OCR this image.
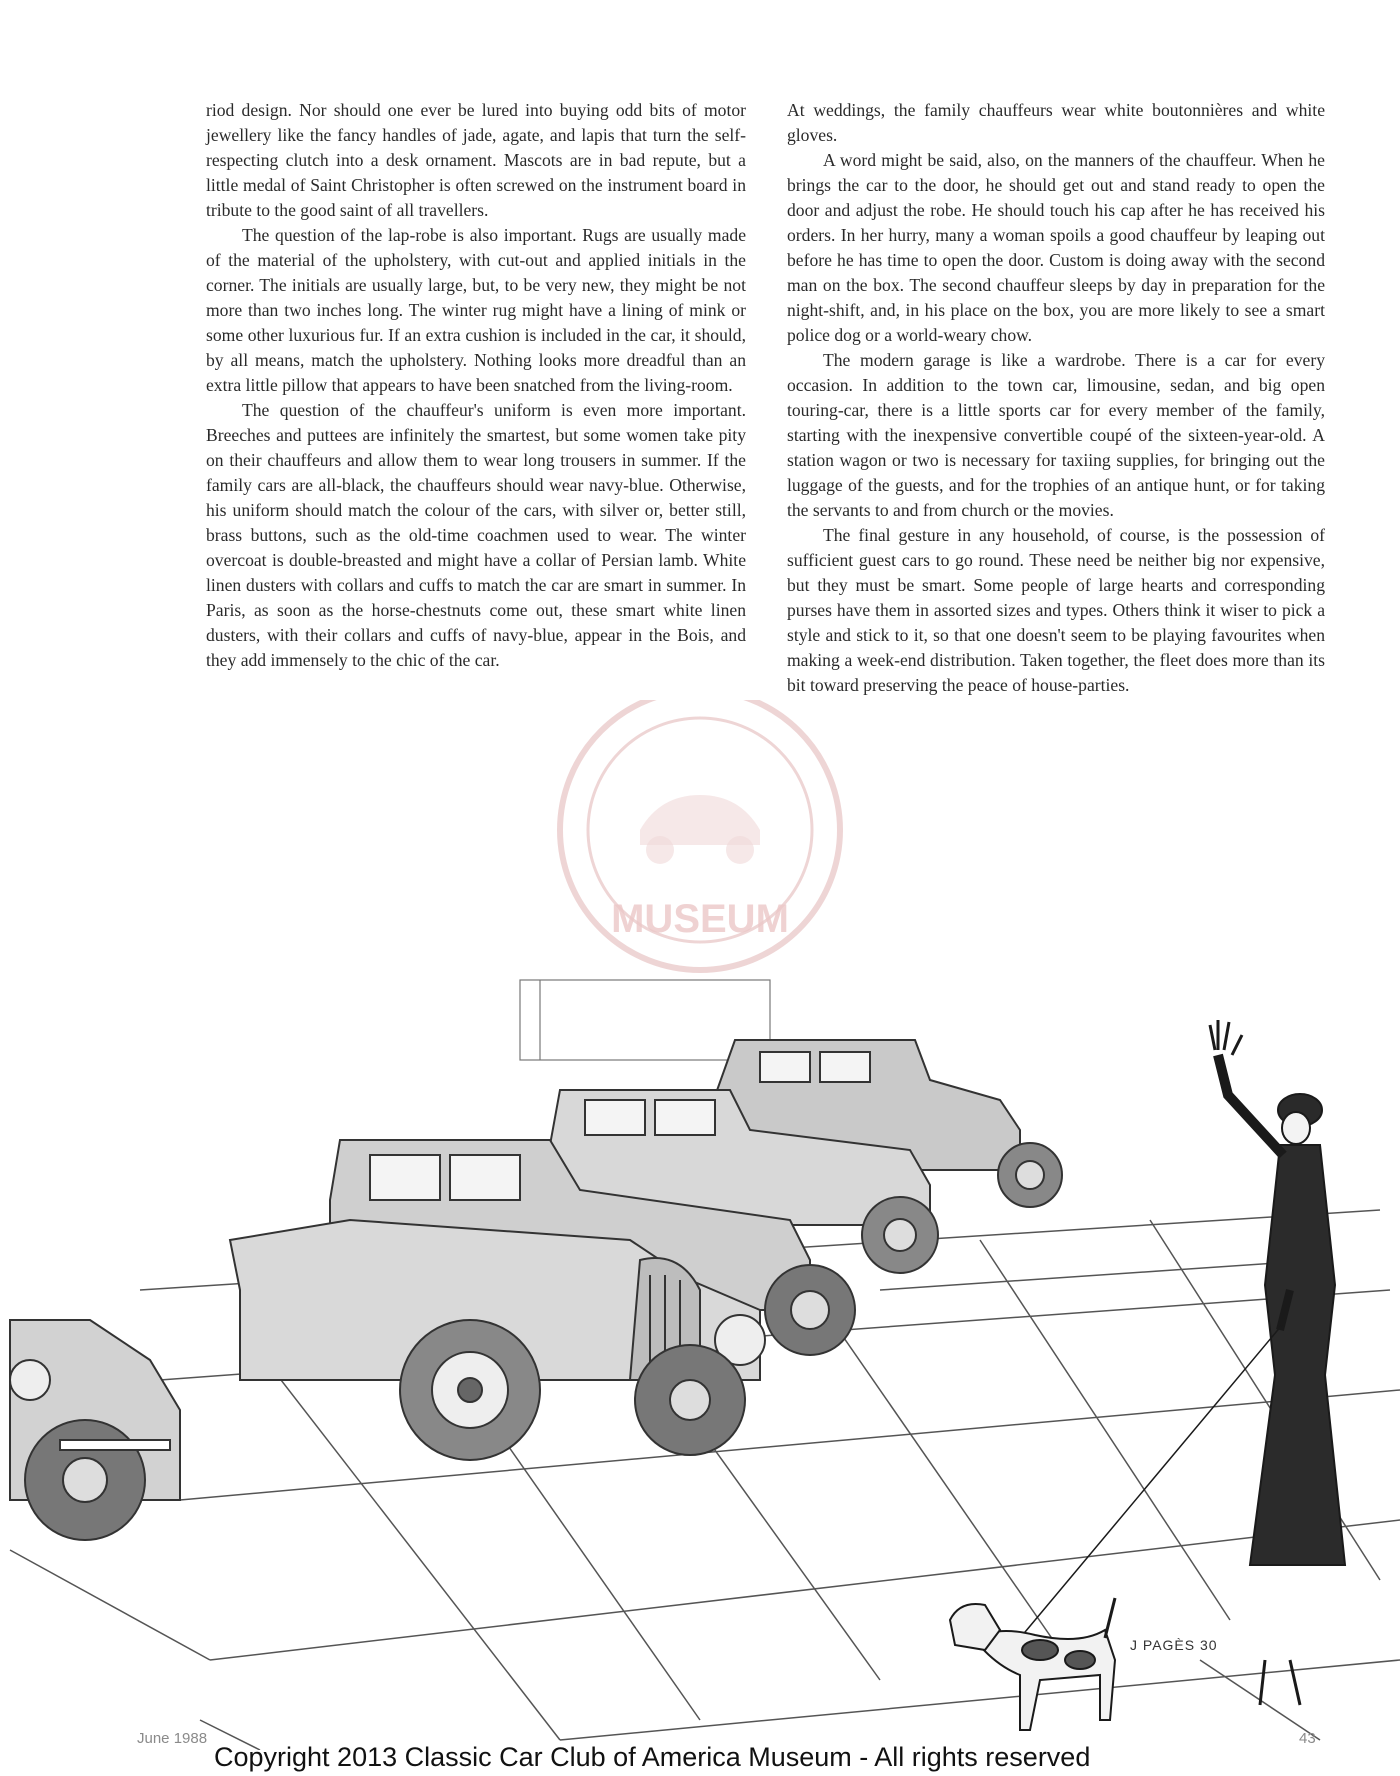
riod design. Nor should one ever be lured into buying odd bits of motor jewellery like the fancy handles of jade, agate, and lapis that turn the self-respecting clutch into a desk ornament. Mascots are in bad repute, but a little medal of Saint Christopher is often screwed on the instrument board in tribute to the good saint of all travellers.

The question of the lap-robe is also important. Rugs are usually made of the material of the upholstery, with cut-out and applied initials in the corner. The initials are usually large, but, to be very new, they might be not more than two inches long. The winter rug might have a lining of mink or some other luxurious fur. If an extra cushion is included in the car, it should, by all means, match the upholstery. Nothing looks more dreadful than an extra little pillow that appears to have been snatched from the living-room.

The question of the chauffeur's uniform is even more important. Breeches and puttees are infinitely the smartest, but some women take pity on their chauffeurs and allow them to wear long trousers in summer. If the family cars are all-black, the chauffeurs should wear navy-blue. Otherwise, his uniform should match the colour of the cars, with silver or, better still, brass buttons, such as the old-time coachmen used to wear. The winter overcoat is double-breasted and might have a collar of Persian lamb. White linen dusters with collars and cuffs to match the car are smart in summer. In Paris, as soon as the horse-chestnuts come out, these smart white linen dusters, with their collars and cuffs of navy-blue, appear in the Bois, and they add immensely to the chic of the car.

At weddings, the family chauffeurs wear white boutonnières and white gloves.

A word might be said, also, on the manners of the chauffeur. When he brings the car to the door, he should get out and stand ready to open the door and adjust the robe. He should touch his cap after he has received his orders. In her hurry, many a woman spoils a good chauffeur by leaping out before he has time to open the door. Custom is doing away with the second man on the box. The second chauffeur sleeps by day in preparation for the night-shift, and, in his place on the box, you are more likely to see a smart police dog or a world-weary chow.

The modern garage is like a wardrobe. There is a car for every occasion. In addition to the town car, limousine, sedan, and big open touring-car, there is a little sports car for every member of the family, starting with the inexpensive convertible coupé of the sixteen-year-old. A station wagon or two is necessary for taxiing supplies, for bringing out the luggage of the guests, and for the trophies of an antique hunt, or for taking the servants to and from church or the movies.

The final gesture in any household, of course, is the possession of sufficient guest cars to go round. These need be neither big nor expensive, but they must be smart. Some people of large hearts and corresponding purses have them in assorted sizes and types. Others think it wiser to pick a style and stick to it, so that one doesn't seem to be playing favourites when making a week-end distribution. Taken together, the fleet does more than its bit toward preserving the peace of house-parties.

MUSEUM
J PAGÈS 30
June 1988	43
Copyright 2013 Classic Car Club of America Museum - All rights reserved
